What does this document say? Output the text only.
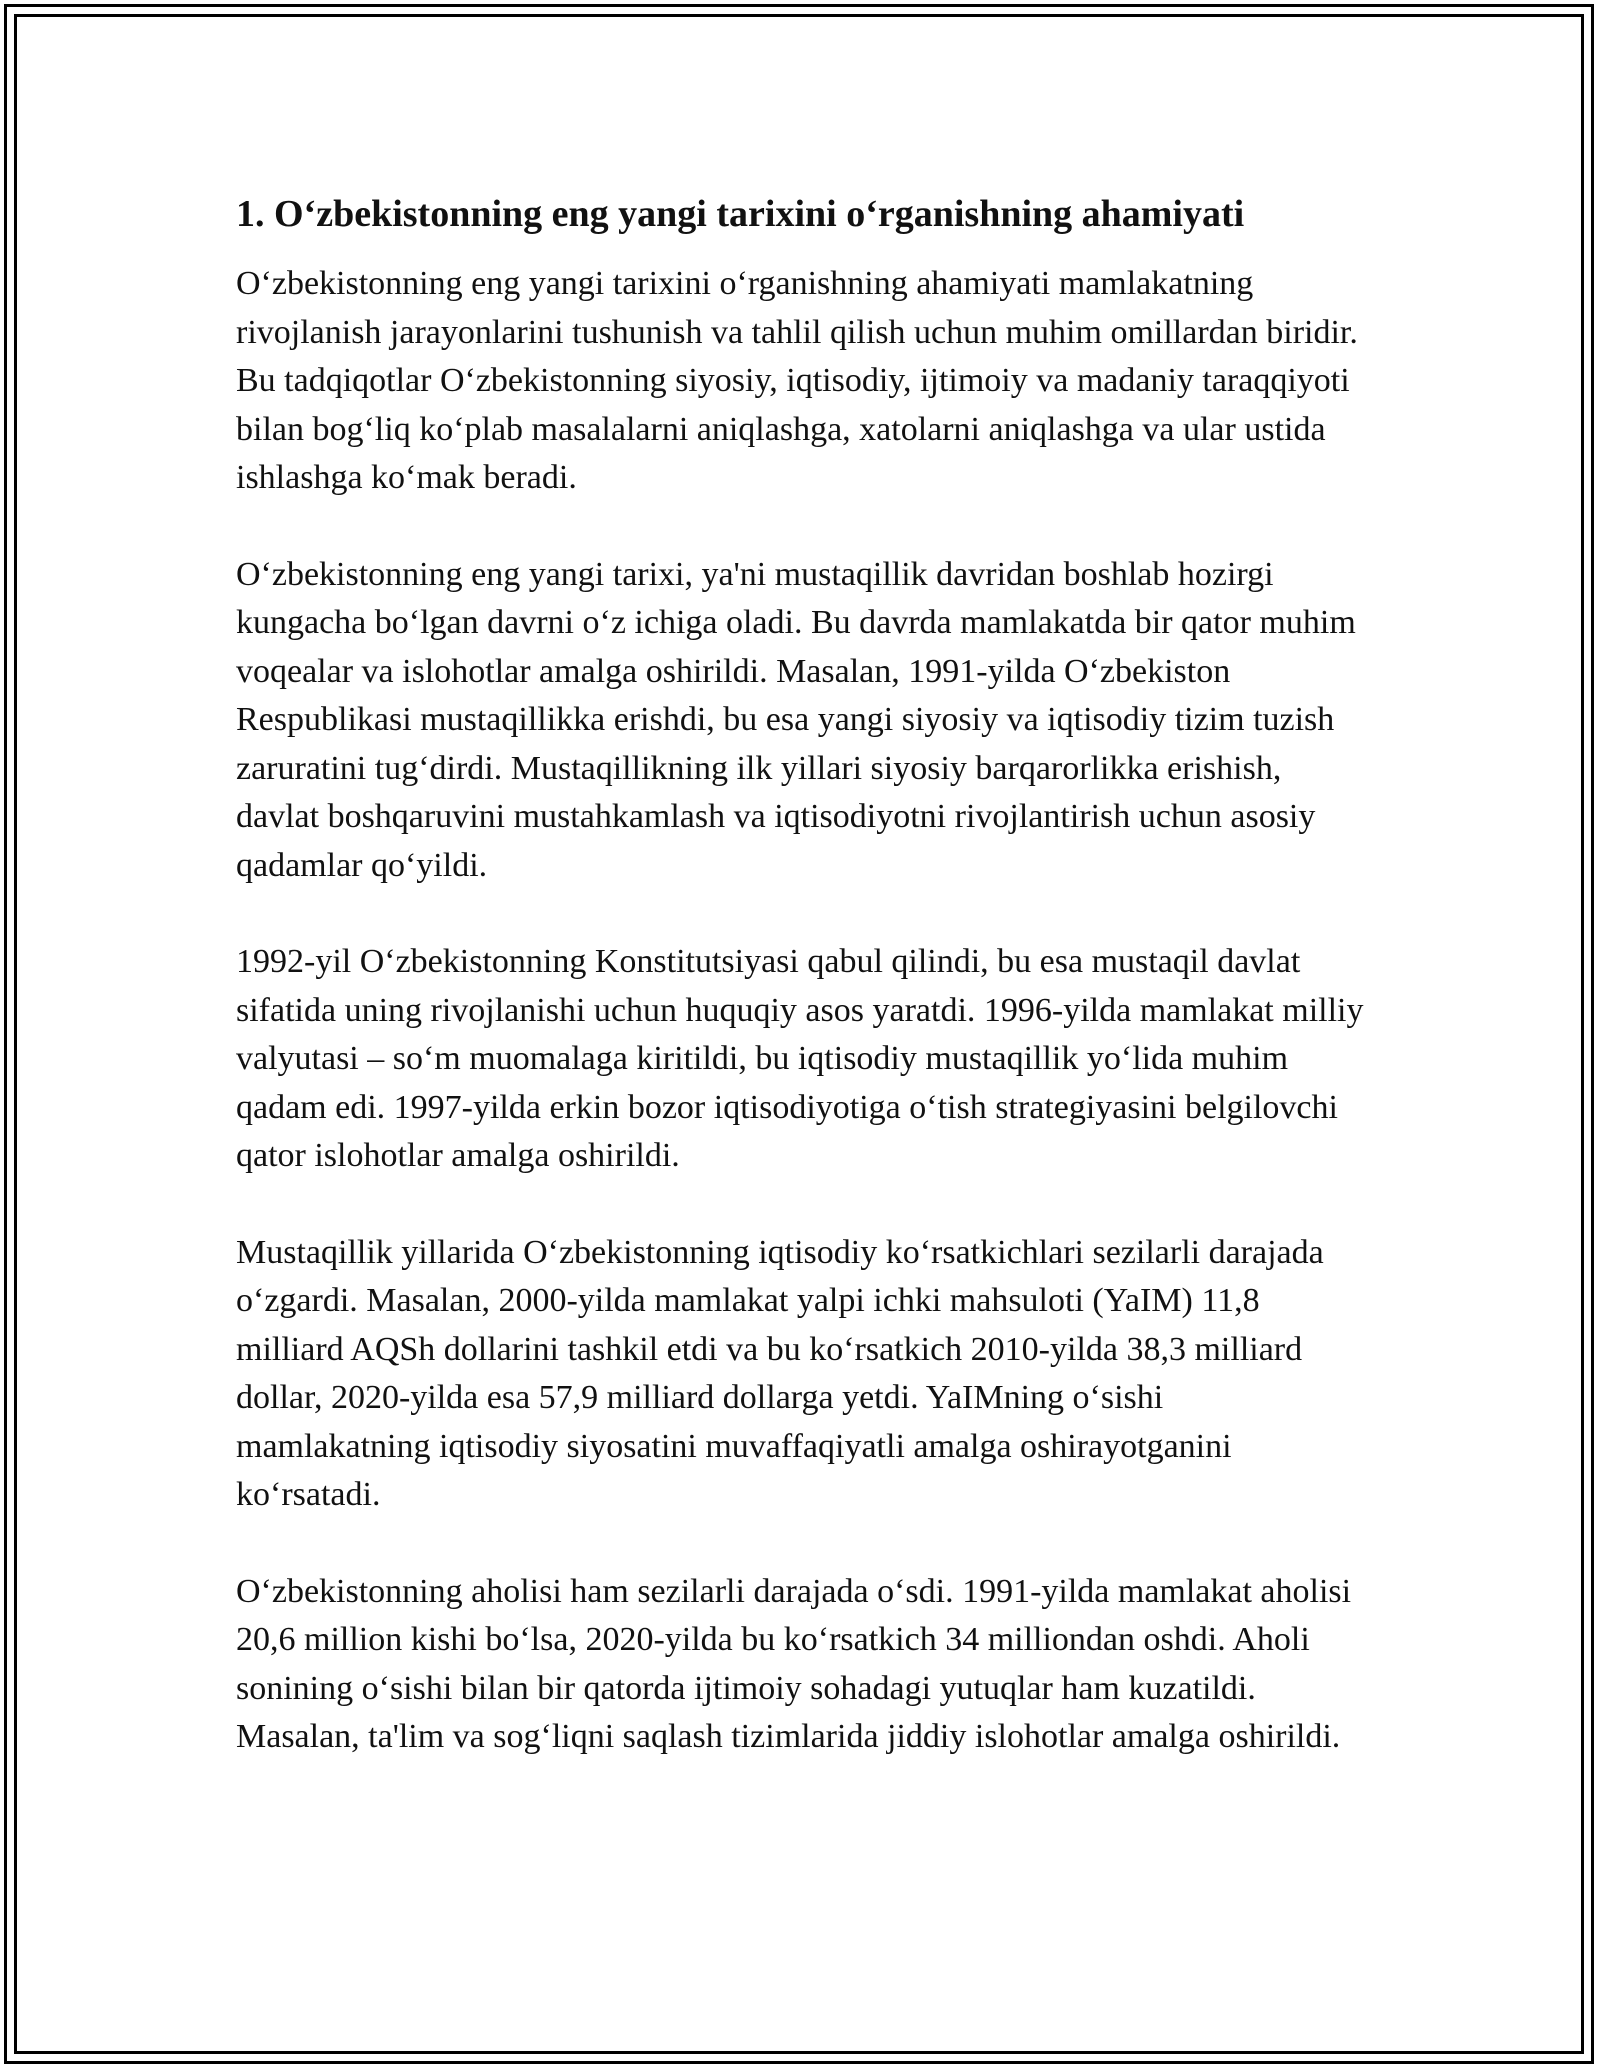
1. O‘zbekistonning eng yangi tarixini o‘rganishning ahamiyati

O‘zbekistonning eng yangi tarixini o‘rganishning ahamiyati mamlakatning rivojlanish jarayonlarini tushunish va tahlil qilish uchun muhim omillardan biridir. Bu tadqiqotlar O‘zbekistonning siyosiy, iqtisodiy, ijtimoiy va madaniy taraqqiyoti bilan bog‘liq ko‘plab masalalarni aniqlashga, xatolarni aniqlashga va ular ustida ishlashga ko‘mak beradi.

O‘zbekistonning eng yangi tarixi, ya'ni mustaqillik davridan boshlab hozirgi kungacha bo‘lgan davrni o‘z ichiga oladi. Bu davrda mamlakatda bir qator muhim voqealar va islohotlar amalga oshirildi. Masalan, 1991-yilda O‘zbekiston Respublikasi mustaqillikka erishdi, bu esa yangi siyosiy va iqtisodiy tizim tuzish zaruratini tug‘dirdi. Mustaqillikning ilk yillari siyosiy barqarorlikka erishish, davlat boshqaruvini mustahkamlash va iqtisodiyotni rivojlantirish uchun asosiy qadamlar qo‘yildi.

1992-yil O‘zbekistonning Konstitutsiyasi qabul qilindi, bu esa mustaqil davlat sifatida uning rivojlanishi uchun huquqiy asos yaratdi. 1996-yilda mamlakat milliy valyutasi – so‘m muomalaga kiritildi, bu iqtisodiy mustaqillik yo‘lida muhim qadam edi. 1997-yilda erkin bozor iqtisodiyotiga o‘tish strategiyasini belgilovchi qator islohotlar amalga oshirildi.

Mustaqillik yillarida O‘zbekistonning iqtisodiy ko‘rsatkichlari sezilarli darajada o‘zgardi. Masalan, 2000-yilda mamlakat yalpi ichki mahsuloti (YaIM) 11,8 milliard AQSh dollarini tashkil etdi va bu ko‘rsatkich 2010-yilda 38,3 milliard dollar, 2020-yilda esa 57,9 milliard dollarga yetdi. YaIMning o‘sishi mamlakatning iqtisodiy siyosatini muvaffaqiyatli amalga oshirayotganini ko‘rsatadi.

O‘zbekistonning aholisi ham sezilarli darajada o‘sdi. 1991-yilda mamlakat aholisi 20,6 million kishi bo‘lsa, 2020-yilda bu ko‘rsatkich 34 milliondan oshdi. Aholi sonining o‘sishi bilan bir qatorda ijtimoiy sohadagi yutuqlar ham kuzatildi. Masalan, ta'lim va sog‘liqni saqlash tizimlarida jiddiy islohotlar amalga oshirildi.
